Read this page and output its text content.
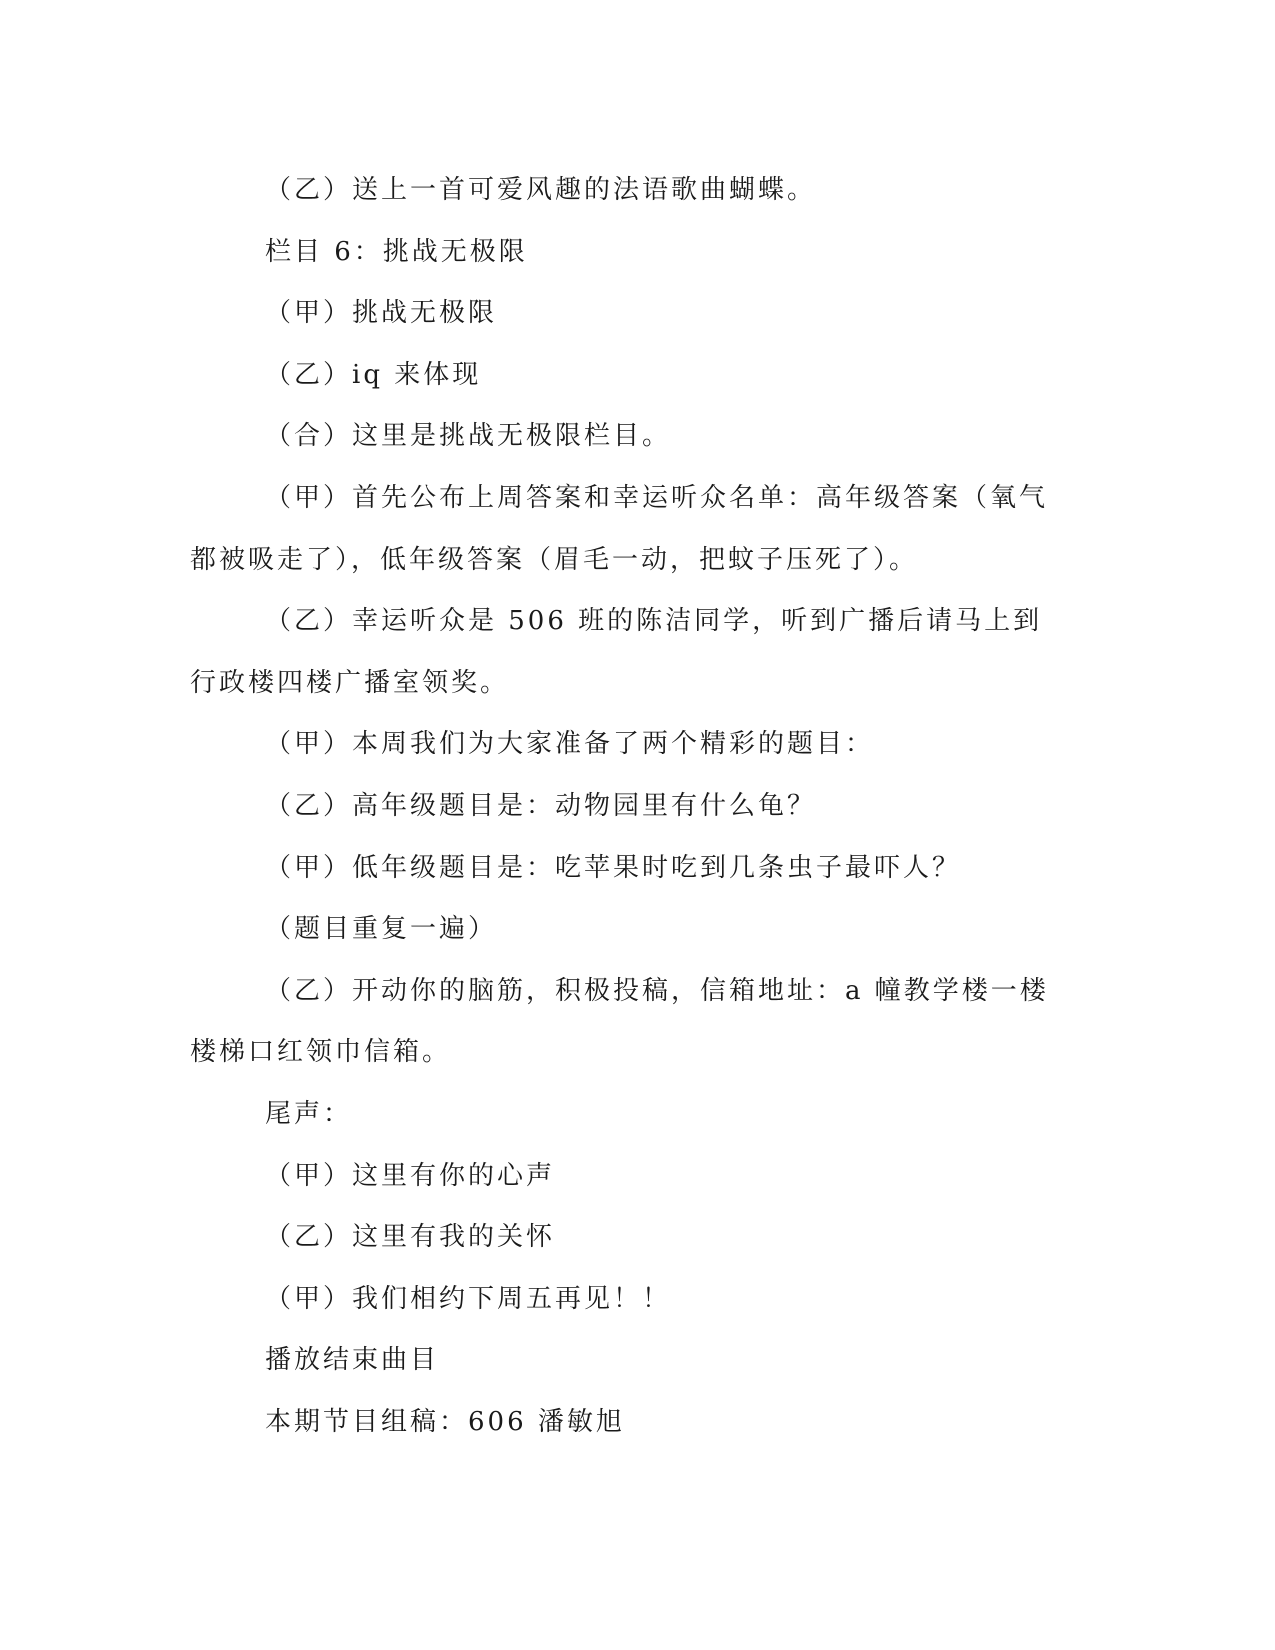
（乙）送上一首可爱风趣的法语歌曲蝴蝶。

栏目 6：挑战无极限

（甲）挑战无极限

（乙）iq 来体现

（合）这里是挑战无极限栏目。

（甲）首先公布上周答案和幸运听众名单：高年级答案（氧气都被吸走了），低年级答案（眉毛一动，把蚊子压死了）。

（乙）幸运听众是 506 班的陈洁同学，听到广播后请马上到行政楼四楼广播室领奖。

（甲）本周我们为大家准备了两个精彩的题目：

（乙）高年级题目是：动物园里有什么龟？

（甲）低年级题目是：吃苹果时吃到几条虫子最吓人？

（题目重复一遍）

（乙）开动你的脑筋，积极投稿，信箱地址：a 幢教学楼一楼楼梯口红领巾信箱。

尾声：

（甲）这里有你的心声

（乙）这里有我的关怀

（甲）我们相约下周五再见！！

播放结束曲目

本期节目组稿：606 潘敏旭
